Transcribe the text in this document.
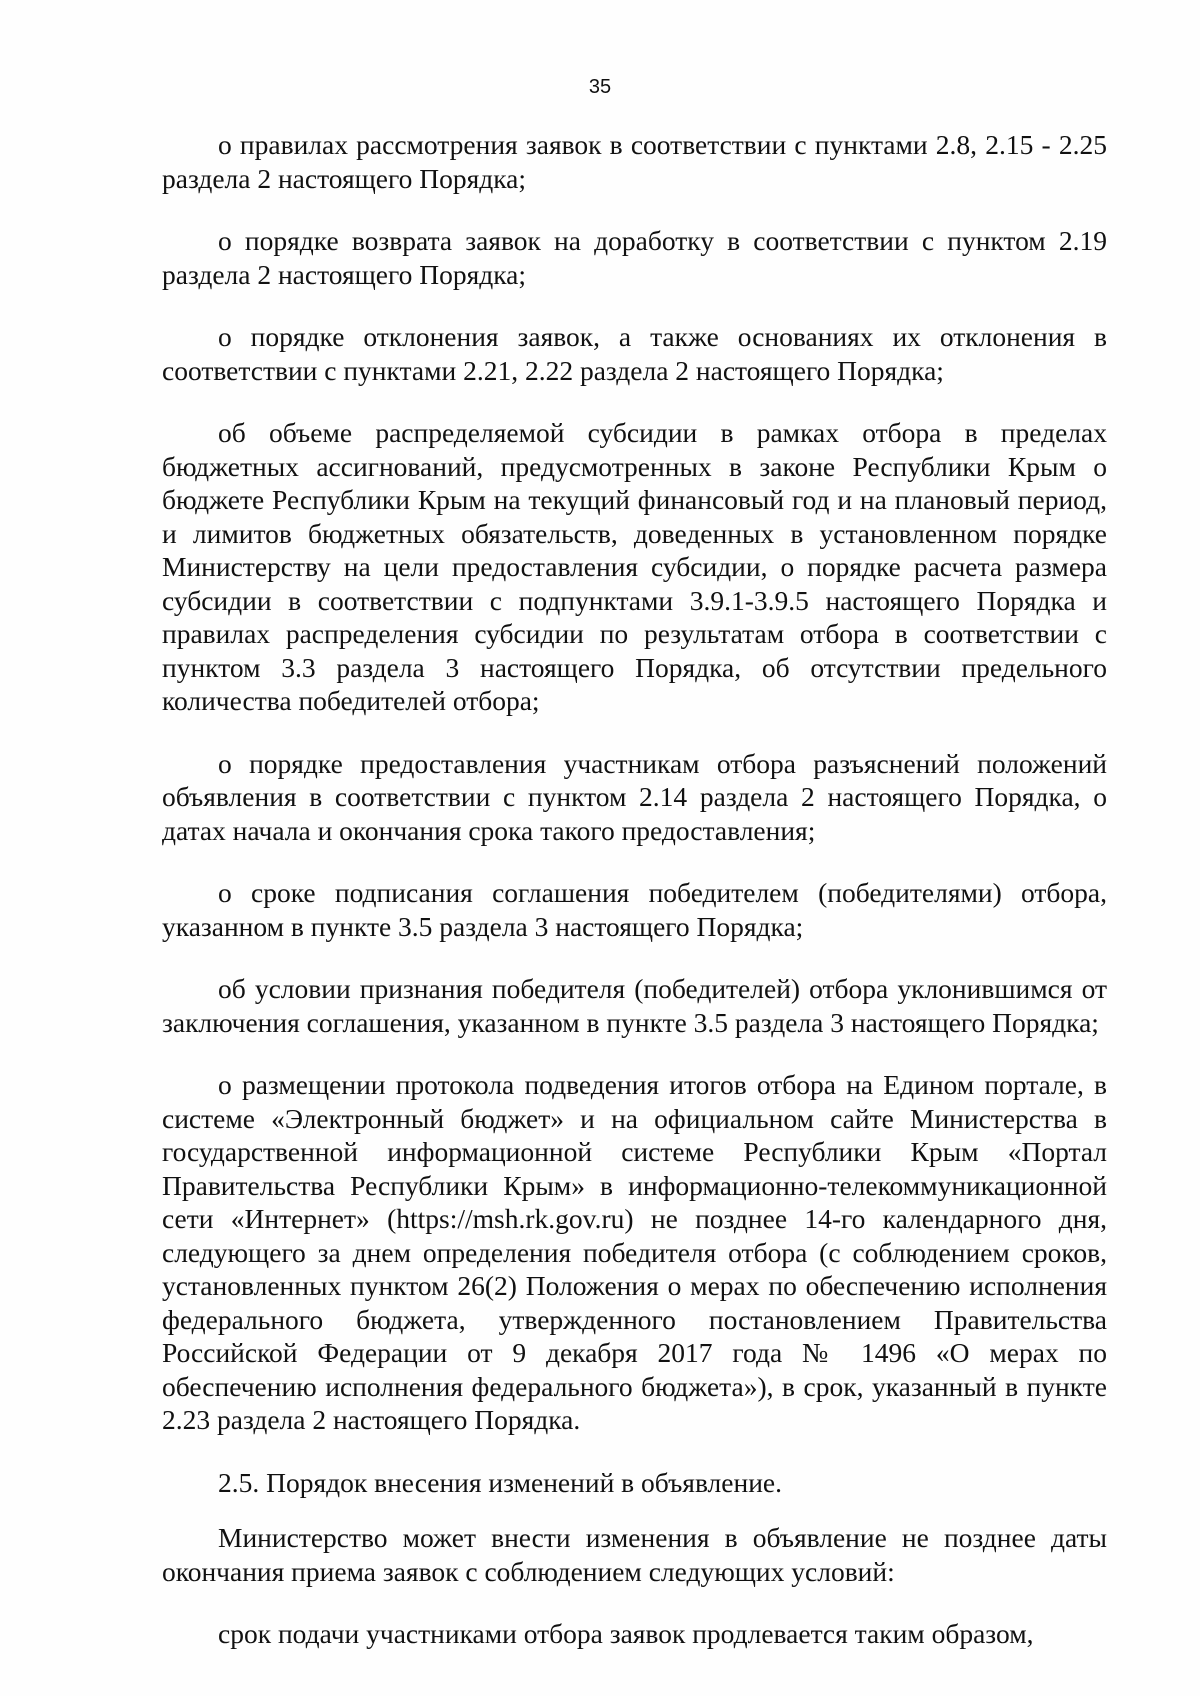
35

о правилах рассмотрения заявок в соответствии с пунктами 2.8, 2.15 - 2.25 раздела 2 настоящего Порядка;

о порядке возврата заявок на доработку в соответствии с пунктом 2.19 раздела 2 настоящего Порядка;

о порядке отклонения заявок, а также основаниях их отклонения в соответствии с пунктами 2.21, 2.22 раздела 2 настоящего Порядка;

об объеме распределяемой субсидии в рамках отбора в пределах бюджетных ассигнований, предусмотренных в законе Республики Крым о бюджете Республики Крым на текущий финансовый год и на плановый период, и лимитов бюджетных обязательств, доведенных в установленном порядке Министерству на цели предоставления субсидии, о порядке расчета размера субсидии в соответствии с подпунктами 3.9.1-3.9.5 настоящего Порядка и правилах распределения субсидии по результатам отбора в соответствии с пунктом 3.3 раздела 3 настоящего Порядка, об отсутствии предельного количества победителей отбора;

о порядке предоставления участникам отбора разъяснений положений объявления в соответствии с пунктом 2.14 раздела 2 настоящего Порядка, о датах начала и окончания срока такого предоставления;

о сроке подписания соглашения победителем (победителями) отбора, указанном в пункте 3.5 раздела 3 настоящего Порядка;

об условии признания победителя (победителей) отбора уклонившимся от заключения соглашения, указанном в пункте 3.5 раздела 3 настоящего Порядка;

о размещении протокола подведения итогов отбора на Едином портале, в системе «Электронный бюджет» и на официальном сайте Министерства в государственной информационной системе Республики Крым «Портал Правительства Республики Крым» в информационно-телекоммуникационной сети «Интернет» (https://msh.rk.gov.ru) не позднее 14-го календарного дня, следующего за днем определения победителя отбора (с соблюдением сроков, установленных пунктом 26(2) Положения о мерах по обеспечению исполнения федерального бюджета, утвержденного постановлением Правительства Российской Федерации от 9 декабря 2017 года № 1496 «О мерах по обеспечению исполнения федерального бюджета»), в срок, указанный в пункте 2.23 раздела 2 настоящего Порядка.

2.5. Порядок внесения изменений в объявление.

Министерство может внести изменения в объявление не позднее даты окончания приема заявок с соблюдением следующих условий:

срок подачи участниками отбора заявок продлевается таким образом,
